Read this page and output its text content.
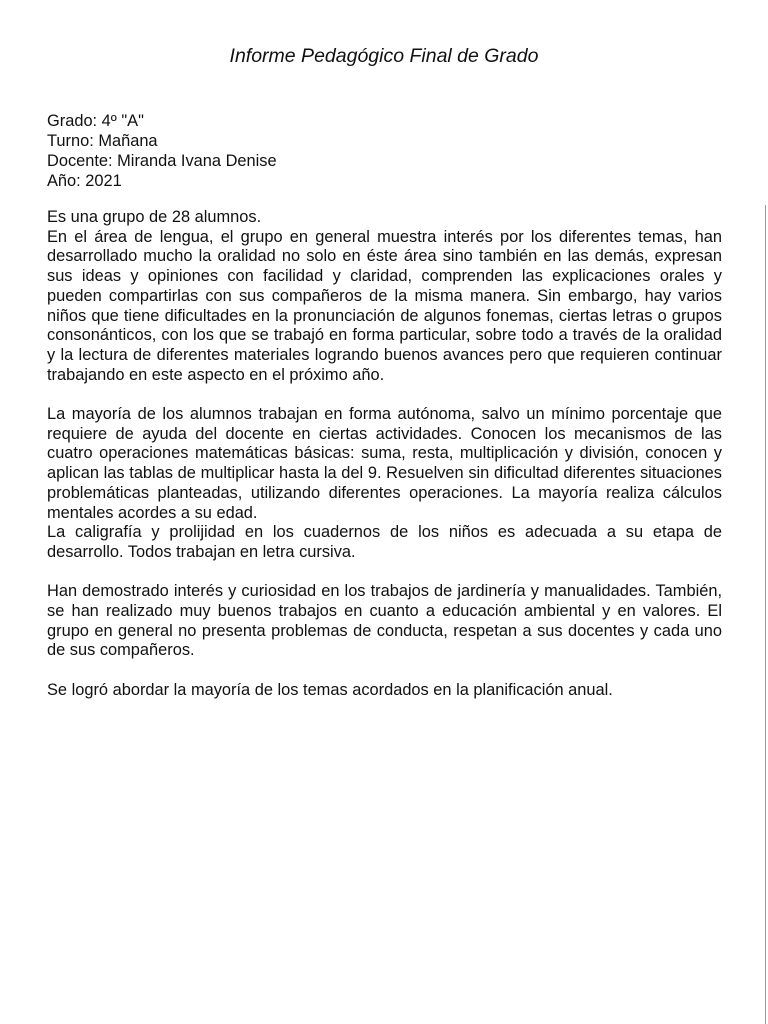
Informe Pedagógico Final de Grado
Grado: 4º "A"
Turno: Mañana
Docente: Miranda Ivana Denise
Año: 2021

Es una grupo de 28 alumnos.

En el área de lengua, el grupo en general muestra interés por los diferentes temas, han desarrollado mucho la oralidad no solo en éste área sino también en las demás, expresan sus ideas y opiniones con facilidad y claridad, comprenden las explicaciones orales y pueden compartirlas con sus compañeros de la misma manera. Sin embargo, hay varios niños que tiene dificultades en la pronunciación de algunos fonemas, ciertas letras o grupos consonánticos, con los que se trabajó en forma particular, sobre todo a través de la oralidad y la lectura de diferentes materiales logrando buenos avances pero que requieren continuar trabajando en este aspecto en el próximo año.

La mayoría de los alumnos trabajan en forma autónoma, salvo un mínimo porcentaje que requiere de ayuda del docente en ciertas actividades. Conocen los mecanismos de las cuatro operaciones matemáticas básicas: suma, resta, multiplicación y división, conocen y aplican las tablas de multiplicar hasta la del 9. Resuelven sin dificultad diferentes situaciones problemáticas planteadas, utilizando diferentes operaciones. La mayoría realiza cálculos mentales acordes a su edad.

La caligrafía y prolijidad en los cuadernos de los niños es adecuada a su etapa de desarrollo. Todos trabajan en letra cursiva.

Han demostrado interés y curiosidad en los trabajos de jardinería y manualidades. También, se han realizado muy buenos trabajos en cuanto a educación ambiental y en valores. El grupo en general no presenta problemas de conducta, respetan a sus docentes y cada uno de sus compañeros.

Se logró abordar la mayoría de los temas acordados en la planificación anual.
